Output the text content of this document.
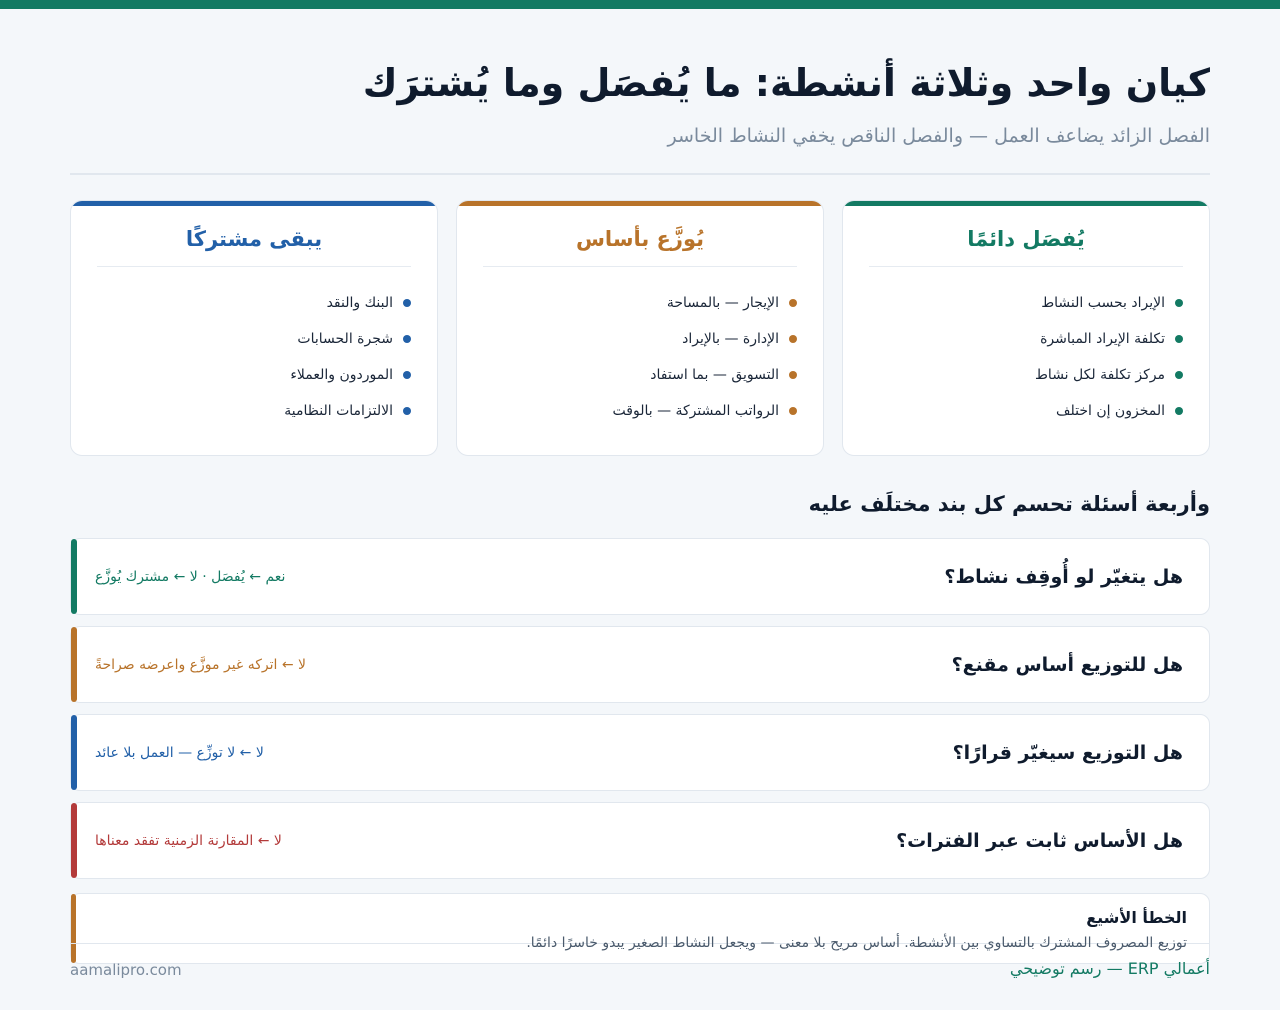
كيان واحد وثلاثة أنشطة: ما يُفصَل وما يُشترَك

الفصل الزائد يضاعف العمل — والفصل الناقص يخفي النشاط الخاسر

يُفصَل دائمًا
الإيراد بحسب النشاط
تكلفة الإيراد المباشرة
مركز تكلفة لكل نشاط
المخزون إن اختلف
يُوزَّع بأساس
الإيجار — بالمساحة
الإدارة — بالإيراد
التسويق — بما استفاد
الرواتب المشتركة — بالوقت
يبقى مشتركًا
البنك والنقد
شجرة الحسابات
الموردون والعملاء
الالتزامات النظامية
وأربعة أسئلة تحسم كل بند مختلَف عليه
هل يتغيّر لو أُوقِف نشاط؟
نعم ← يُفصَل · لا ← مشترك يُوزَّع
هل للتوزيع أساس مقنع؟
لا ← اتركه غير موزَّع واعرضه صراحةً
هل التوزيع سيغيّر قرارًا؟
لا ← لا توزِّع — العمل بلا عائد
هل الأساس ثابت عبر الفترات؟
لا ← المقارنة الزمنية تفقد معناها
الخطأ الأشيع
توزيع المصروف المشترك بالتساوي بين الأنشطة. أساس مريح بلا معنى — ويجعل النشاط الصغير يبدو خاسرًا دائمًا.
aamalipro.com	أعمالي ERP — رسم توضيحي
